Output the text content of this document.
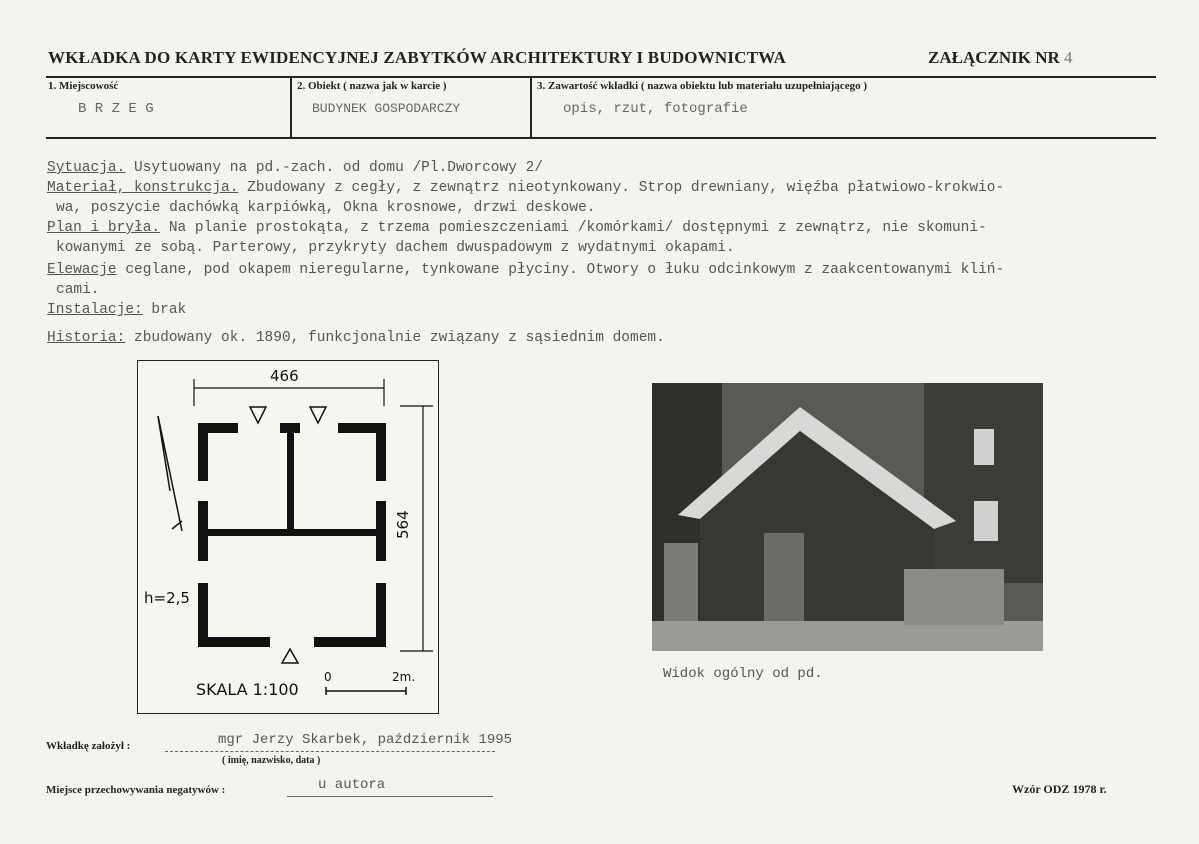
WKŁADKA DO KARTY EWIDENCYJNEJ ZABYTKÓW ARCHITEKTURY I BUDOWNICTWA	ZAŁĄCZNIK NR 4
1. Miejscowość
B R Z E G
2. Obiekt ( nazwa jak w karcie )
BUDYNEK GOSPODARCZY
3. Zawartość wkładki ( nazwa obiektu lub materiału uzupełniającego )
opis, rzut, fotografie
Sytuacja. Usytuowany na pd.-zach. od domu /Pl.Dworcowy 2/
Materiał, konstrukcja. Zbudowany z cegły, z zewnątrz nieotynkowany. Strop drewniany, więźba płatwiowo-krokwio-
wa, poszycie dachówką karpiówką, Okna krosnowe, drzwi deskowe.
Plan i bryła. Na planie prostokąta, z trzema pomieszczeniami /komórkami/ dostępnymi z zewnątrz, nie skomuni-
kowanymi ze sobą. Parterowy, przykryty dachem dwuspadowym z wydatnymi okapami.
Elewacje ceglane, pod okapem nieregularne, tynkowane płyciny. Otwory o łuku odcinkowym z zaakcentowanymi kliń-
cami.
Instalacje: brak
Historia: zbudowany ok. 1890, funkcjonalnie związany z sąsiednim domem.
466
564
h=2,5
SKALA 1:100
0	2m.	Widok ogólny od pd.
Wkładkę założył :	mgr Jerzy Skarbek, październik 1995
( imię, nazwisko, data )
Miejsce przechowywania negatywów :	u autora	Wzór ODZ 1978 r.
